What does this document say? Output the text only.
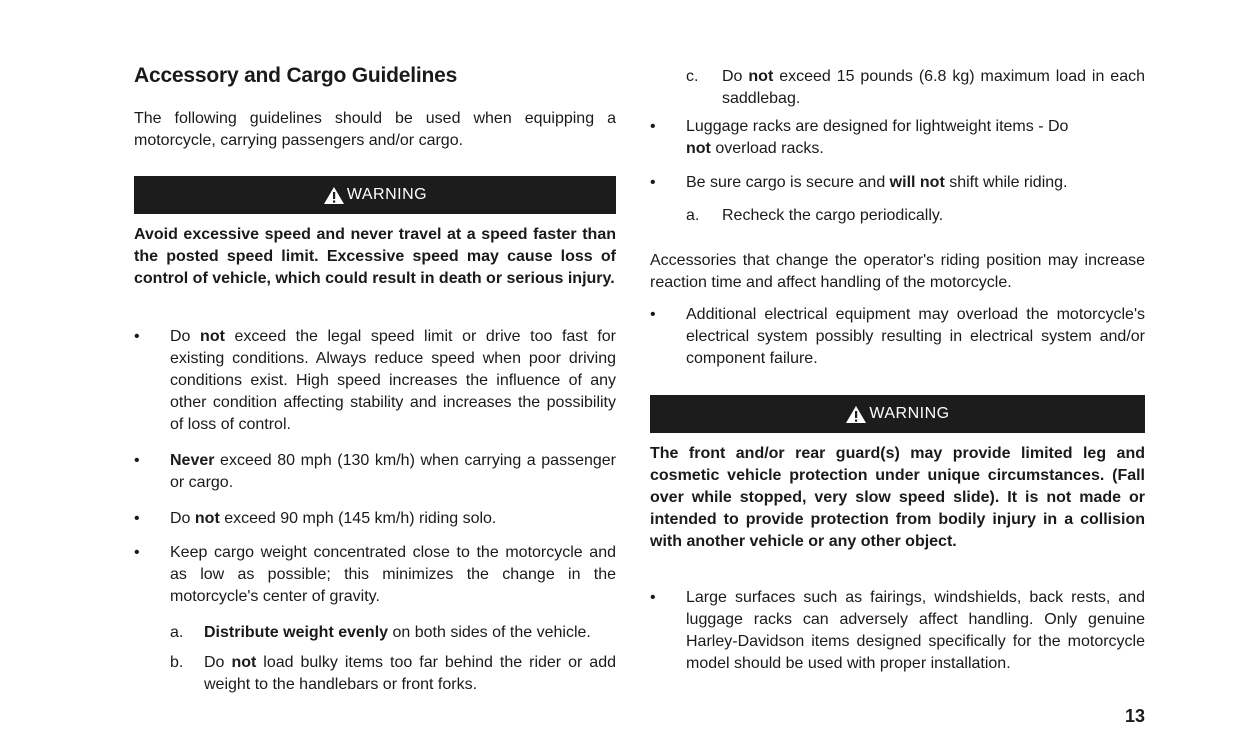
Accessory and Cargo Guidelines

The following guidelines should be used when equipping a motorcycle, carrying passengers and/or cargo.

WARNING

Avoid excessive speed and never travel at a speed faster than the posted speed limit. Excessive speed may cause loss of control of vehicle, which could result in death or serious injury.

•	Do not exceed the legal speed limit or drive too fast for existing conditions. Always reduce speed when poor driving conditions exist. High speed increases the influence of any other condition affecting stability and increases the possibility of loss of control.
•	Never exceed 80 mph (130 km/h) when carrying a passenger or cargo.
•	Do not exceed 90 mph (145 km/h) riding solo.
•	Keep cargo weight concentrated close to the motorcycle and as low as possible; this minimizes the change in the motorcycle's center of gravity.
a. Distribute weight evenly on both sides of the vehicle.
b. Do not load bulky items too far behind the rider or add weight to the handlebars or front forks.
c. Do not exceed 15 pounds (6.8 kg) maximum load in each saddlebag.
•	Luggage racks are designed for lightweight items - Do not overload racks.
•	Be sure cargo is secure and will not shift while riding.
a. Recheck the cargo periodically.

Accessories that change the operator's riding position may increase reaction time and affect handling of the motorcycle.

•	Additional electrical equipment may overload the motorcycle's electrical system possibly resulting in electrical system and/or component failure.
WARNING

The front and/or rear guard(s) may provide limited leg and cosmetic vehicle protection under unique circumstances. (Fall over while stopped, very slow speed slide). It is not made or intended to provide protection from bodily injury in a collision with another vehicle or any other object.

•	Large surfaces such as fairings, windshields, back rests, and luggage racks can adversely affect handling. Only genuine Harley-Davidson items designed specifically for the motorcycle model should be used with proper installation.
13
